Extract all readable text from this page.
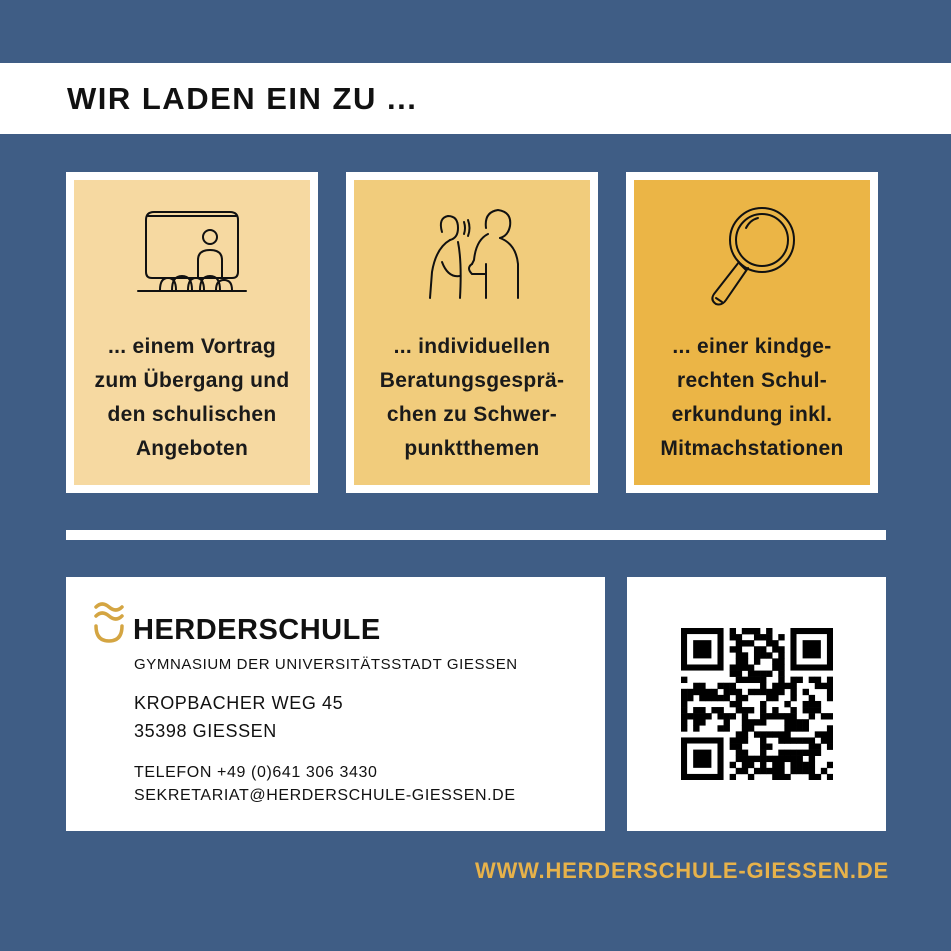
WIR LADEN EIN ZU ...

... einem Vortrag
zum Übergang und
den schulischen
Angeboten

... individuellen
Beratungsgesprä-
chen zu Schwer-
punktthemen

... einer kindge-
rechten Schul-
erkundung inkl.
Mitmachstationen

HERDERSCHULE

GYMNASIUM DER UNIVERSITÄTSSTADT GIESSEN

KROPBACHER WEG 45

35398 GIESSEN

TELEFON +49 (0)641 306 3430

SEKRETARIAT@HERDERSCHULE-GIESSEN.DE

WWW.HERDERSCHULE-GIESSEN.DE
